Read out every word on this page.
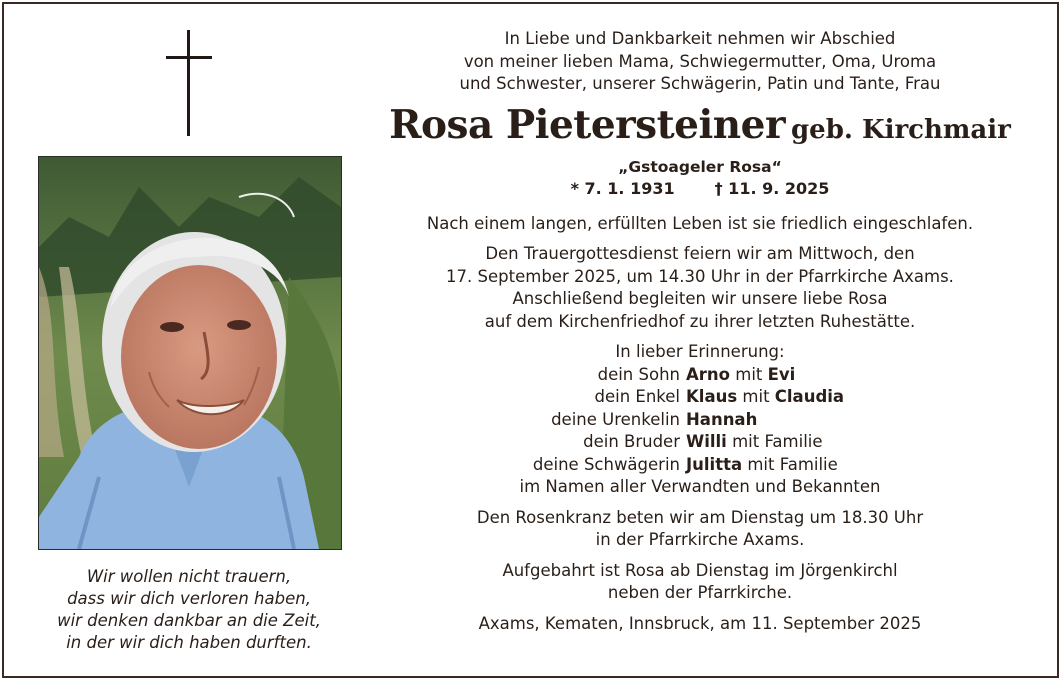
Wir wollen nicht trauern,
dass wir dich verloren haben,
wir denken dankbar an die Zeit,
in der wir dich haben durften.
In Liebe und Dankbarkeit nehmen wir Abschied
von meiner lieben Mama, Schwiegermutter, Oma, Uroma
und Schwester, unserer Schwägerin, Patin und Tante, Frau
Rosa Pietersteiner geb. Kirchmair
„Gstoageler Rosa“
* 7. 1. 1931	† 11. 9. 2025
Nach einem langen, erfüllten Leben ist sie friedlich eingeschlafen.
Den Trauergottesdienst feiern wir am Mittwoch, den
17. September 2025, um 14.30 Uhr in der Pfarrkirche Axams.
Anschließend begleiten wir unsere liebe Rosa
auf dem Kirchenfriedhof zu ihrer letzten Ruhestätte.
In lieber Erinnerung:
dein Sohn Arno mit Evi
dein Enkel Klaus mit Claudia
deine Urenkelin Hannah
dein Bruder Willi mit Familie
deine Schwägerin Julitta mit Familie
im Namen aller Verwandten und Bekannten
Den Rosenkranz beten wir am Dienstag um 18.30 Uhr
in der Pfarrkirche Axams.
Aufgebahrt ist Rosa ab Dienstag im Jörgenkirchl
neben der Pfarrkirche.
Axams, Kematen, Innsbruck, am 11. September 2025
